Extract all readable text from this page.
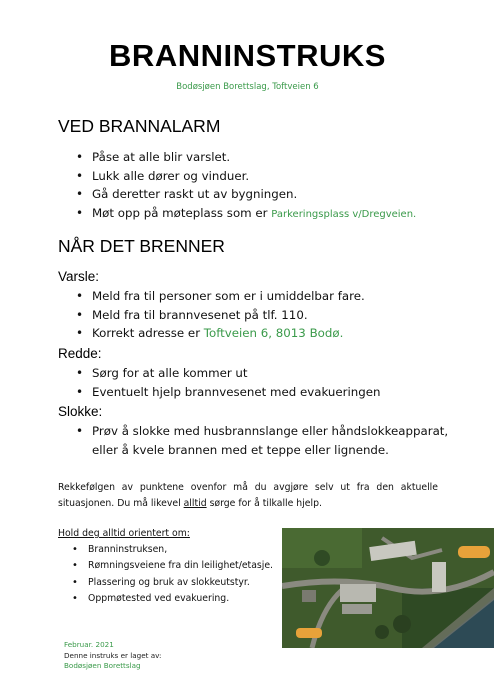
BRANNINSTRUKS
Bodøsjøen Borettslag, Toftveien 6
VED BRANNALARM
• Påse at alle blir varslet.
• Lukk alle dører og vinduer.
• Gå deretter raskt ut av bygningen.
• Møt opp på møteplass som er Parkeringsplass v/Dregveien.
NÅR DET BRENNER
Varsle:
• Meld fra til personer som er i umiddelbar fare.
• Meld fra til brannvesenet på tlf. 110.
• Korrekt adresse er Toftveien 6, 8013 Bodø.
Redde:
• Sørg for at alle kommer ut
• Eventuelt hjelp brannvesenet med evakueringen
Slokke:
• Prøv å slokke med husbrannslange eller håndslokkeapparat,
eller å kvele brannen med et teppe eller lignende.
Rekkefølgen av punktene ovenfor må du avgjøre selv ut fra den aktuelle situasjonen. Du må likevel alltid sørge for å tilkalle hjelp.
Hold deg alltid orientert om:
• Branninstruksen,
• Rømningsveiene fra din leilighet/etasje.
• Plassering og bruk av slokkeutstyr.
• Oppmøtested ved evakuering.
Februar. 2021
Denne instruks er laget av:
Bodøsjøen Borettslag
